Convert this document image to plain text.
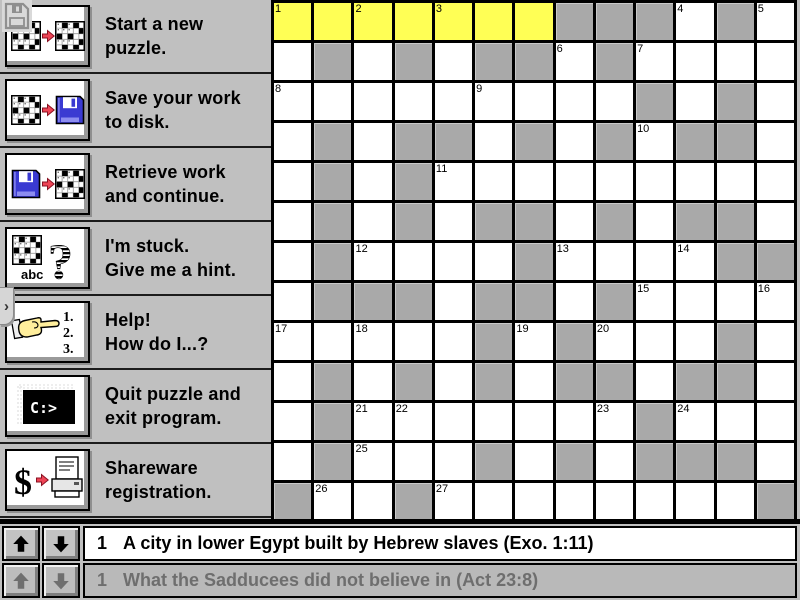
Start a new
puzzle.
Save your work
to disk.
Retrieve work
and continue.
abc ? I'm stuck.
Give me a hint.
1.
2.
3.
Help!
How do I...?
C:>
Quit puzzle and
exit program.
$	Shareware
registration.
›
1	2	3	4	5
6	7
8	9
10
11
12	13	14
15	16
17	18	19	20
21	22	23	24
25
26	27
1 A city in lower Egypt built by Hebrew slaves (Exo. 1:11)
1 What the Sadducees did not believe in (Act 23:8)
